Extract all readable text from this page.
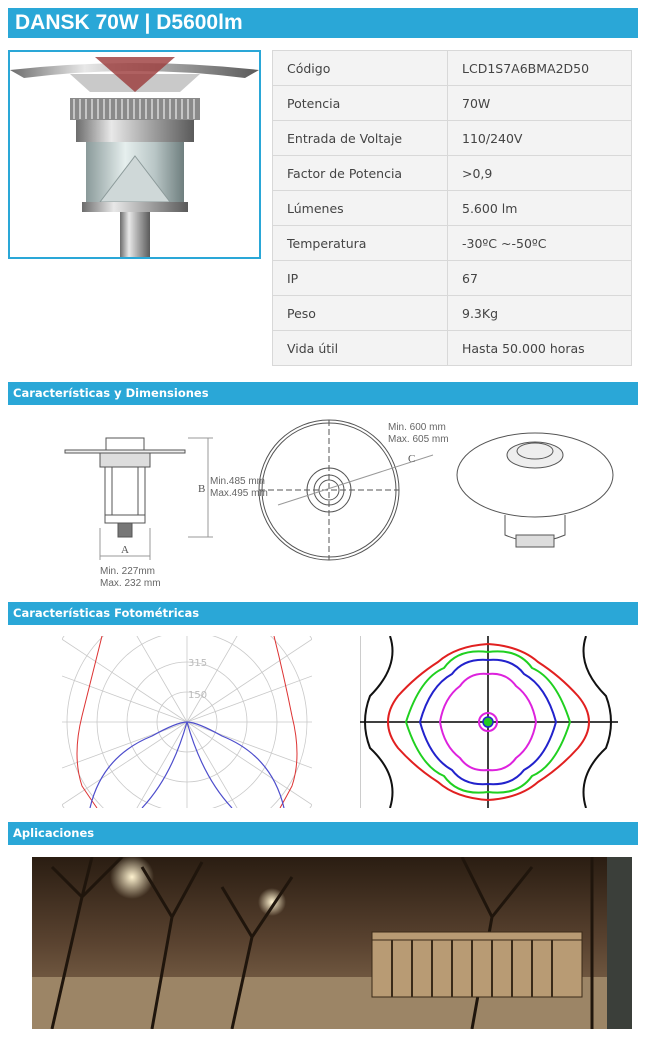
DANSK 70W | D5600lm
Código	LCD1S7A6BMA2D50
Potencia	70W
Entrada de Voltaje	110/240V
Factor de Potencia	>0,9
Lúmenes	5.600 lm
Temperatura	-30ºC ~-50ºC
IP	67
Peso	9.3Kg
Vida útil	Hasta 50.000 horas
Características y Dimensiones
A
B
C
Min.485 mm
Max.495 mm
Min. 227mm
Max. 232 mm
Min. 600 mm
Max. 605 mm
Características Fotométricas
315
150
Aplicaciones
